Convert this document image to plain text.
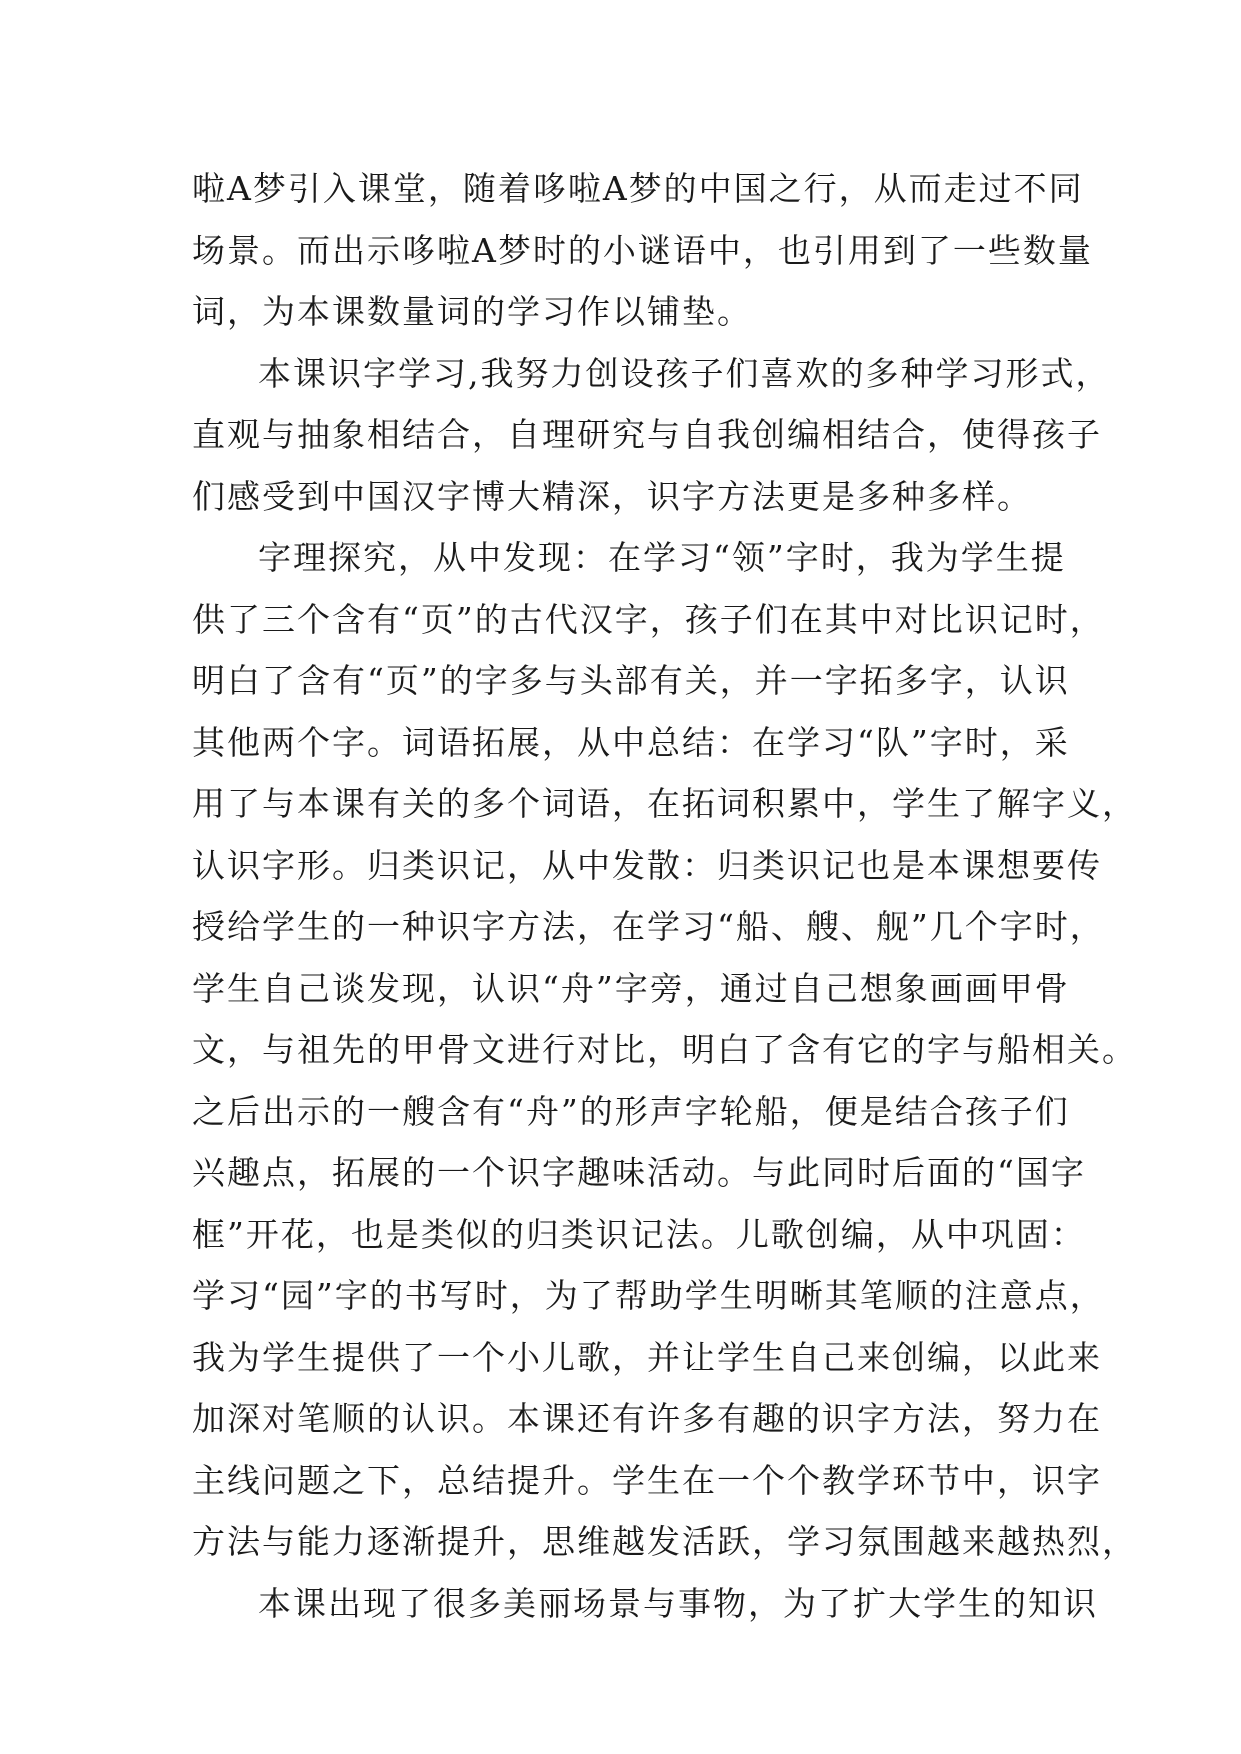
啦A梦引入课堂，随着哆啦A梦的中国之行，从而走过不同
场景。而出示哆啦A梦时的小谜语中，也引用到了一些数量
词，为本课数量词的学习作以铺垫。
本课识字学习,我努力创设孩子们喜欢的多种学习形式，
直观与抽象相结合，自理研究与自我创编相结合，使得孩子
们感受到中国汉字博大精深，识字方法更是多种多样。
字理探究，从中发现：在学习“领”字时，我为学生提
供了三个含有“页”的古代汉字，孩子们在其中对比识记时，
明白了含有“页”的字多与头部有关，并一字拓多字，认识
其他两个字。词语拓展，从中总结：在学习“队”字时，采
用了与本课有关的多个词语，在拓词积累中，学生了解字义，
认识字形。归类识记，从中发散：归类识记也是本课想要传
授给学生的一种识字方法，在学习“船、艘、舰”几个字时，
学生自己谈发现，认识“舟”字旁，通过自己想象画画甲骨
文，与祖先的甲骨文进行对比，明白了含有它的字与船相关。
之后出示的一艘含有“舟”的形声字轮船，便是结合孩子们
兴趣点，拓展的一个识字趣味活动。与此同时后面的“国字
框”开花，也是类似的归类识记法。儿歌创编，从中巩固：
学习“园”字的书写时，为了帮助学生明晰其笔顺的注意点，
我为学生提供了一个小儿歌，并让学生自己来创编，以此来
加深对笔顺的认识。本课还有许多有趣的识字方法，努力在
主线问题之下，总结提升。学生在一个个教学环节中，识字
方法与能力逐渐提升，思维越发活跃，学习氛围越来越热烈，
本课出现了很多美丽场景与事物，为了扩大学生的知识
